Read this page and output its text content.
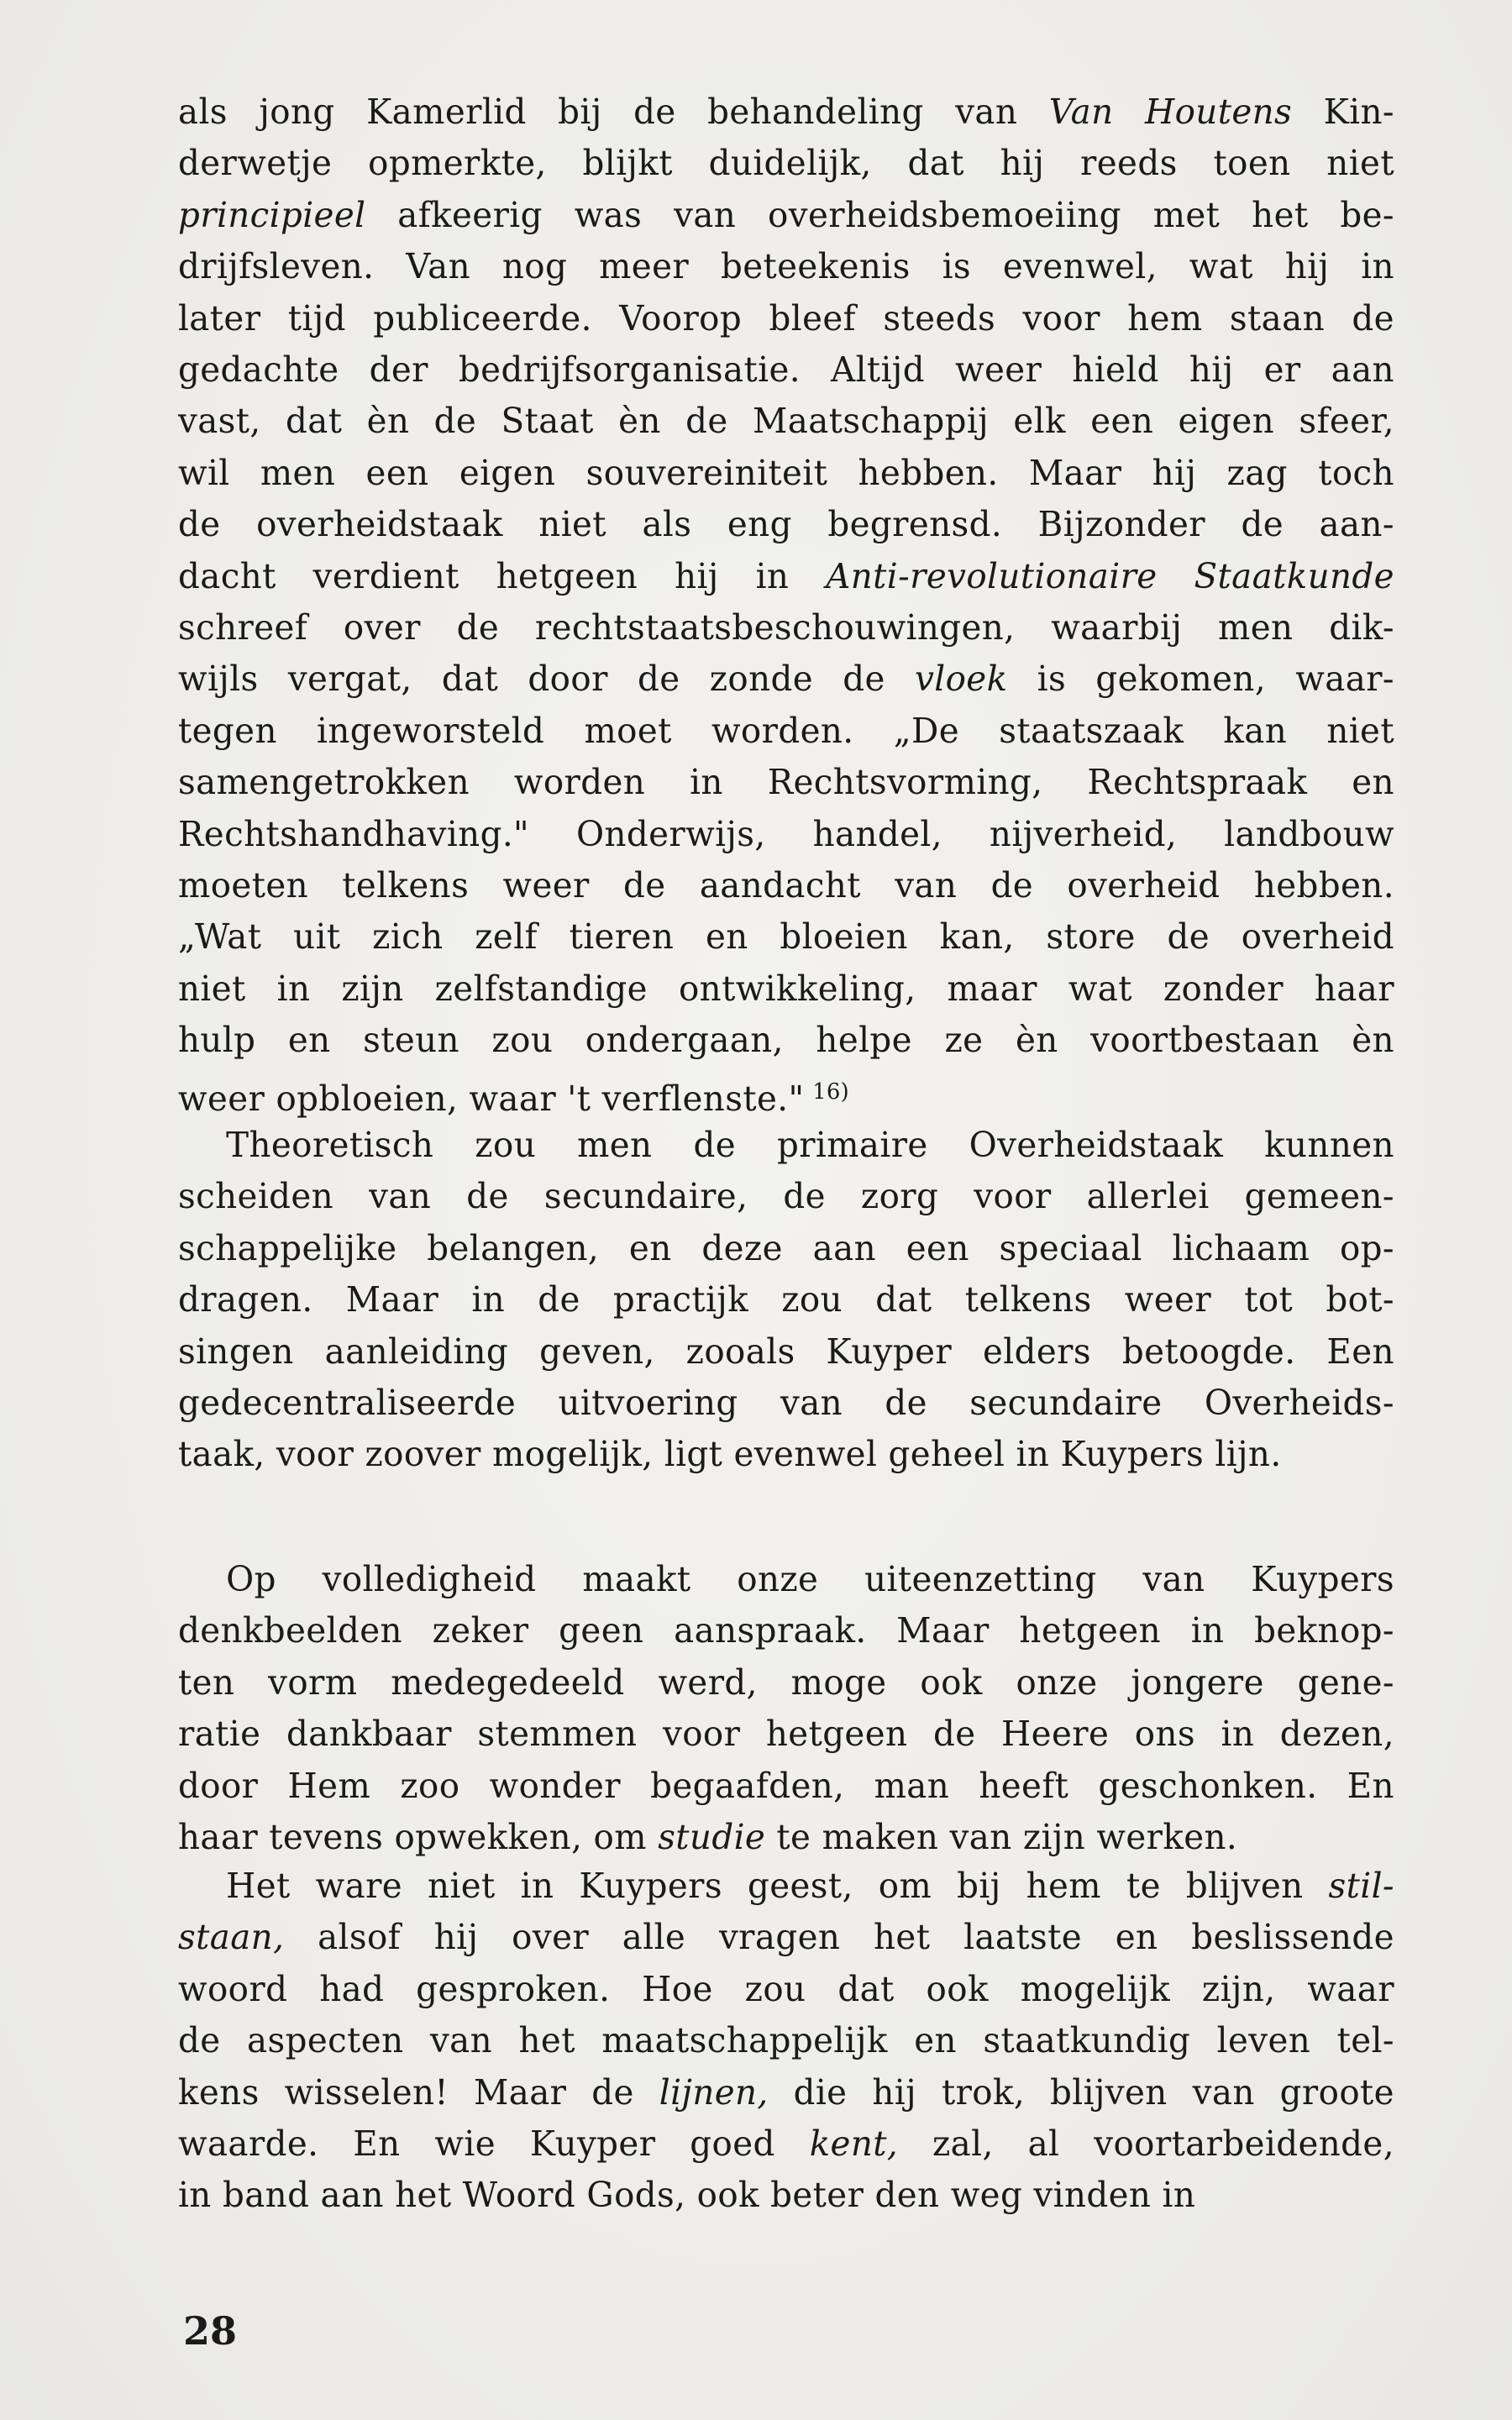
als jong Kamerlid bij de behandeling van Van Houtens Kin-
derwetje opmerkte, blijkt duidelijk, dat hij reeds toen niet
principieel afkeerig was van overheidsbemoeiing met het be-
drijfsleven. Van nog meer beteekenis is evenwel, wat hij in
later tijd publiceerde. Voorop bleef steeds voor hem staan de
gedachte der bedrijfsorganisatie. Altijd weer hield hij er aan
vast, dat èn de Staat èn de Maatschappij elk een eigen sfeer,
wil men een eigen souvereiniteit hebben. Maar hij zag toch
de overheidstaak niet als eng begrensd. Bijzonder de aan-
dacht verdient hetgeen hij in Anti-revolutionaire Staatkunde
schreef over de rechtstaatsbeschouwingen, waarbij men dik-
wijls vergat, dat door de zonde de vloek is gekomen, waar-
tegen ingeworsteld moet worden. „De staatszaak kan niet
samengetrokken worden in Rechtsvorming, Rechtspraak en
Rechtshandhaving." Onderwijs, handel, nijverheid, landbouw
moeten telkens weer de aandacht van de overheid hebben.
„Wat uit zich zelf tieren en bloeien kan, store de overheid
niet in zijn zelfstandige ontwikkeling, maar wat zonder haar
hulp en steun zou ondergaan, helpe ze èn voortbestaan èn
weer opbloeien, waar 't verflenste." $^{16)}$
Theoretisch zou men de primaire Overheidstaak kunnen
scheiden van de secundaire, de zorg voor allerlei gemeen-
schappelijke belangen, en deze aan een speciaal lichaam op-
dragen. Maar in de practijk zou dat telkens weer tot bot-
singen aanleiding geven, zooals Kuyper elders betoogde. Een
gedecentraliseerde uitvoering van de secundaire Overheids-
taak, voor zoover mogelijk, ligt evenwel geheel in Kuypers lijn.
Op volledigheid maakt onze uiteenzetting van Kuypers
denkbeelden zeker geen aanspraak. Maar hetgeen in beknop-
ten vorm medegedeeld werd, moge ook onze jongere gene-
ratie dankbaar stemmen voor hetgeen de Heere ons in dezen,
door Hem zoo wonder begaafden, man heeft geschonken. En
haar tevens opwekken, om studie te maken van zijn werken.
Het ware niet in Kuypers geest, om bij hem te blijven stil-
staan, alsof hij over alle vragen het laatste en beslissende
woord had gesproken. Hoe zou dat ook mogelijk zijn, waar
de aspecten van het maatschappelijk en staatkundig leven tel-
kens wisselen! Maar de lijnen, die hij trok, blijven van groote
waarde. En wie Kuyper goed kent, zal, al voortarbeidende,
in band aan het Woord Gods, ook beter den weg vinden in
28
